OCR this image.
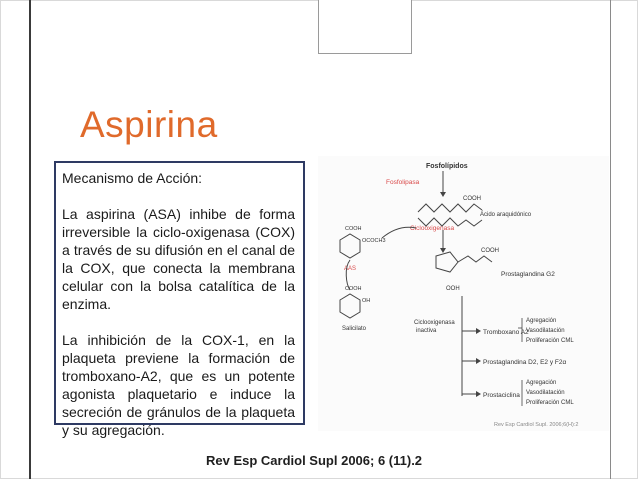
Aspirina

Mecanismo de Acción:

La aspirina (ASA) inhibe de forma irreversible la ciclo-oxigenasa (COX) a través de su difusión en el canal de la COX, que conecta la membrana celular con la bolsa catalítica de la enzima.

La inhibición de la COX-1, en la plaqueta previene la formación de tromboxano-A2, que es un potente agonista plaquetario e induce la secreción de gránulos de la plaqueta y su agregación.

Fosfolípidos
Fosfolipasa
COOH
Ácido araquidónico
Ciclooxigenasa
COOH
OCOCH3
AAS
COOH
OOH
Prostaglandina G2
COOH
OH
Salicilato
Ciclooxigenasa
inactiva	Tromboxano A2
Prostaglandina D2, E2 y F2α
Prostaciclina
Agregación
Vasodilatación
Proliferación CML
Agregación
Vasodilatación
Proliferación CML
Rev Esp Cardiol Supl. 2006;6(H):2
Rev Esp Cardiol Supl 2006; 6 (11).2
